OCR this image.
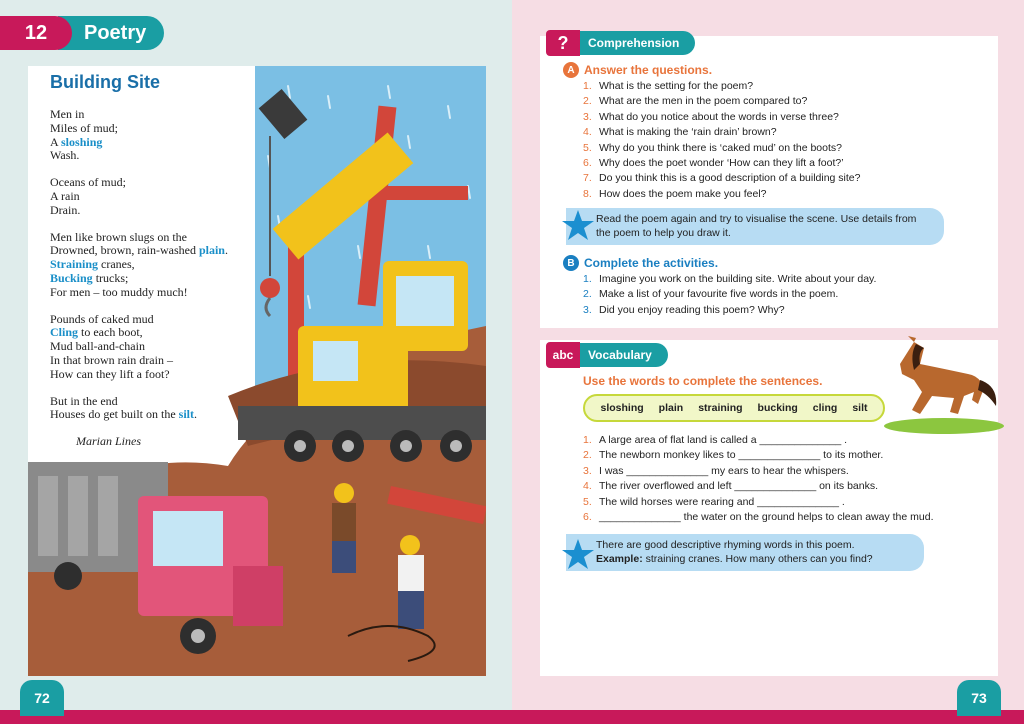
12	Poetry
Building Site
Men in
Miles of mud;
A sloshing
Wash.
Oceans of mud;
A rain
Drain.
Men like brown slugs on the
Drowned, brown, rain-washed plain.
Straining cranes,
Bucking trucks;
For men – too muddy much!
Pounds of caked mud
Cling to each boot,
Mud ball-and-chain
In that brown rain drain –
How can they lift a foot?
But in the end
Houses do get built on the silt.
Marian Lines
72	73
?	Comprehension
A Answer the questions.
1. What is the setting for the poem?
2. What are the men in the poem compared to?
3. What do you notice about the words in verse three?
4. What is making the ‘rain drain’ brown?
5. Why do you think there is ‘caked mud’ on the boots?
6. Why does the poet wonder ‘How can they lift a foot?’
7. Do you think this is a good description of a building site?
8. How does the poem make you feel?
Read the poem again and try to visualise the scene. Use details from the poem to help you draw it.
B Complete the activities.
1. Imagine you work on the building site. Write about your day.
2. Make a list of your favourite five words in the poem.
3. Did you enjoy reading this poem? Why?
abc	Vocabulary
Use the words to complete the sentences.
sloshing plain straining bucking cling silt
1. A large area of flat land is called a ______________ .
2. The newborn monkey likes to ______________ to its mother.
3. I was ______________ my ears to hear the whispers.
4. The river overflowed and left ______________ on its banks.
5. The wild horses were rearing and ______________ .
6. ______________ the water on the ground helps to clean away the mud.
There are good descriptive rhyming words in this poem.
Example: straining cranes. How many others can you find?
